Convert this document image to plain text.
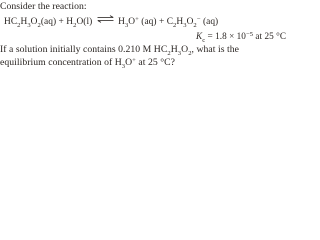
Consider the reaction:
$HC_2H_3O_2(aq) + H_2O(l)$ ⇌ $H_3O^+$ $(aq) + C_2H_3O_2^-$ (aq)
$K_c = 1.8 \times 10^{-5}$ at 25 °C
If a solution initially contains 0.210 M $HC_2H_3O_2$, what is the
equilibrium concentration of $H_3O^+$ at 25 °C?
